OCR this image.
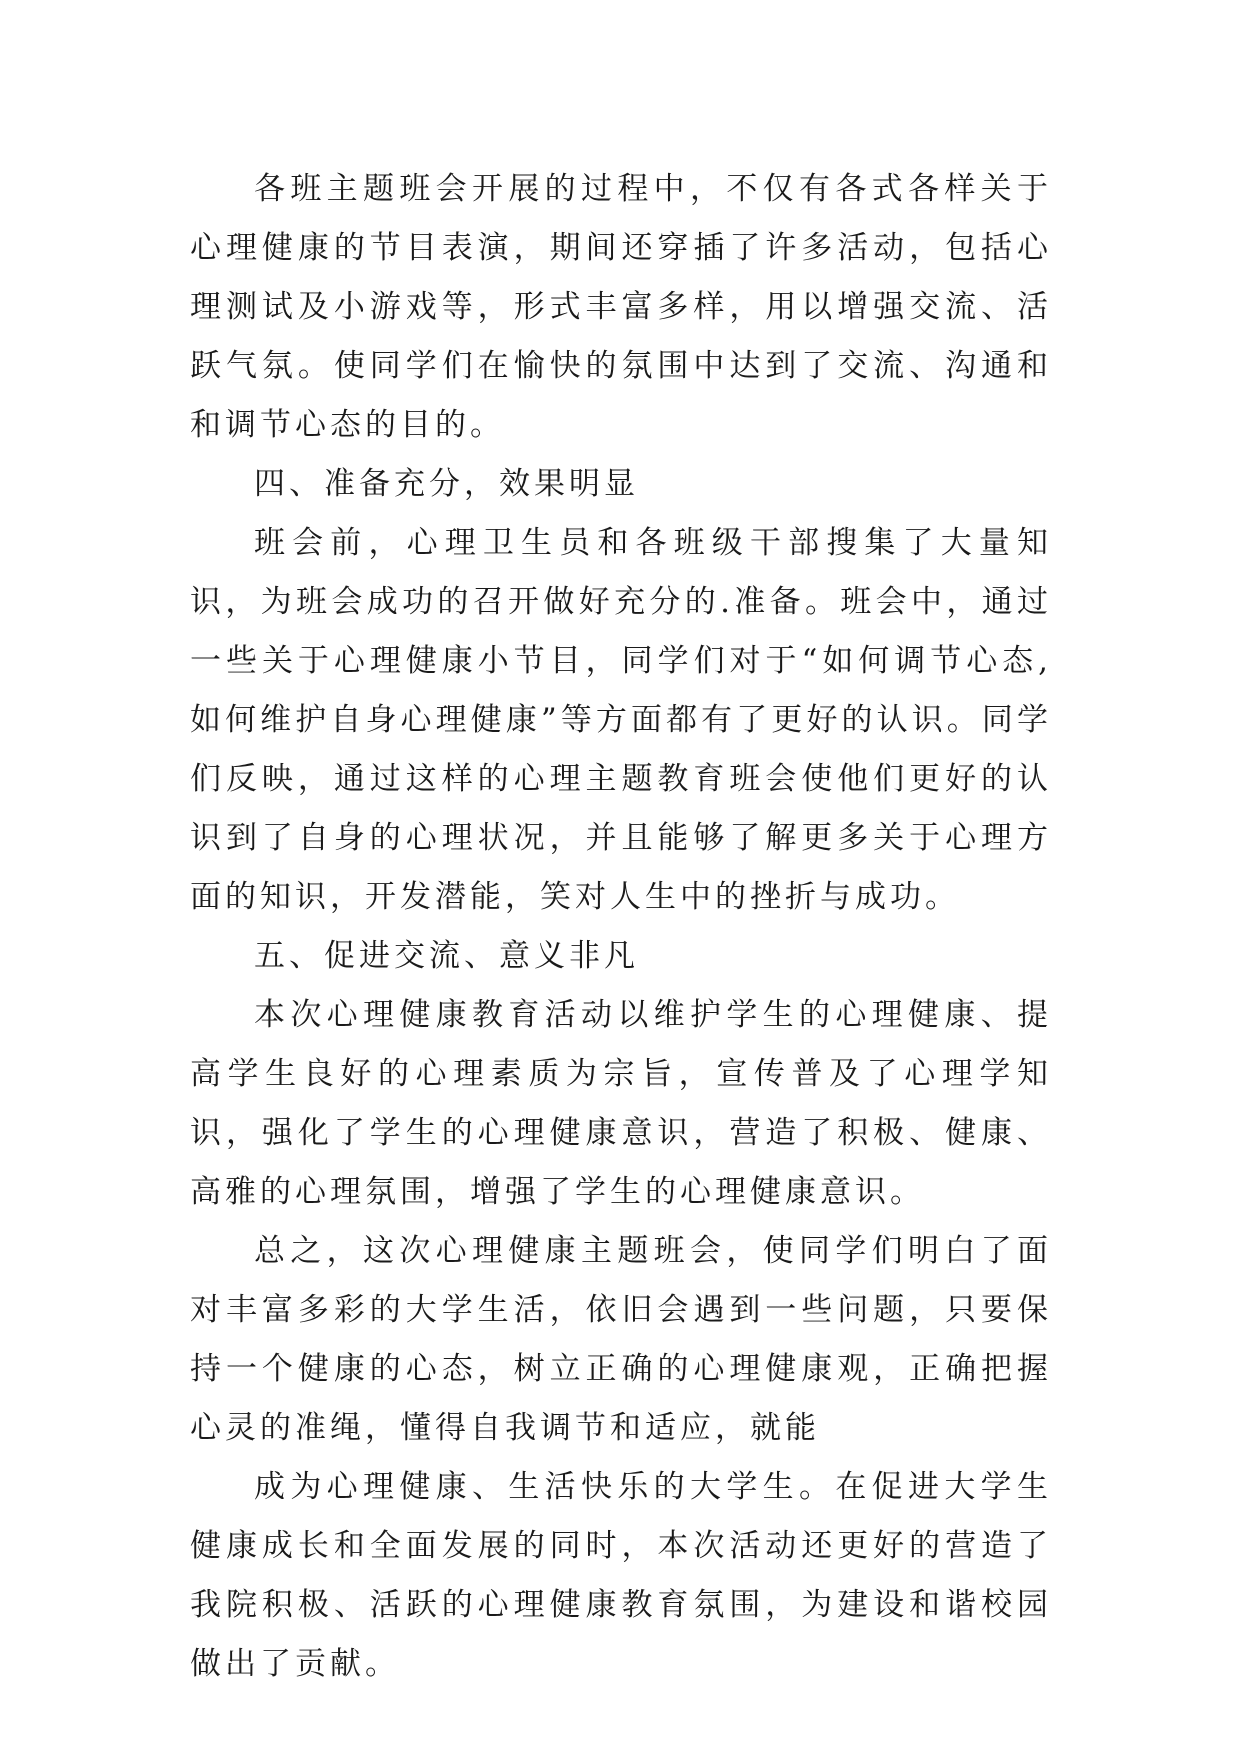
各班主题班会开展的过程中，不仅有各式各样关于心理健康的节目表演，期间还穿插了许多活动，包括心理测试及小游戏等，形式丰富多样，用以增强交流、活跃气氛。使同学们在愉快的氛围中达到了交流、沟通和和调节心态的目的。

四、准备充分，效果明显

班会前，心理卫生员和各班级干部搜集了大量知识，为班会成功的召开做好充分的.准备。班会中，通过一些关于心理健康小节目，同学们对于“如何调节心态,如何维护自身心理健康”等方面都有了更好的认识。同学们反映，通过这样的心理主题教育班会使他们更好的认识到了自身的心理状况，并且能够了解更多关于心理方面的知识，开发潜能，笑对人生中的挫折与成功。

五、促进交流、意义非凡

本次心理健康教育活动以维护学生的心理健康、提高学生良好的心理素质为宗旨，宣传普及了心理学知识，强化了学生的心理健康意识，营造了积极、健康、高雅的心理氛围，增强了学生的心理健康意识。

总之，这次心理健康主题班会，使同学们明白了面对丰富多彩的大学生活，依旧会遇到一些问题，只要保持一个健康的心态，树立正确的心理健康观，正确把握心灵的准绳，懂得自我调节和适应，就能

成为心理健康、生活快乐的大学生。在促进大学生健康成长和全面发展的同时，本次活动还更好的营造了我院积极、活跃的心理健康教育氛围，为建设和谐校园做出了贡献。
